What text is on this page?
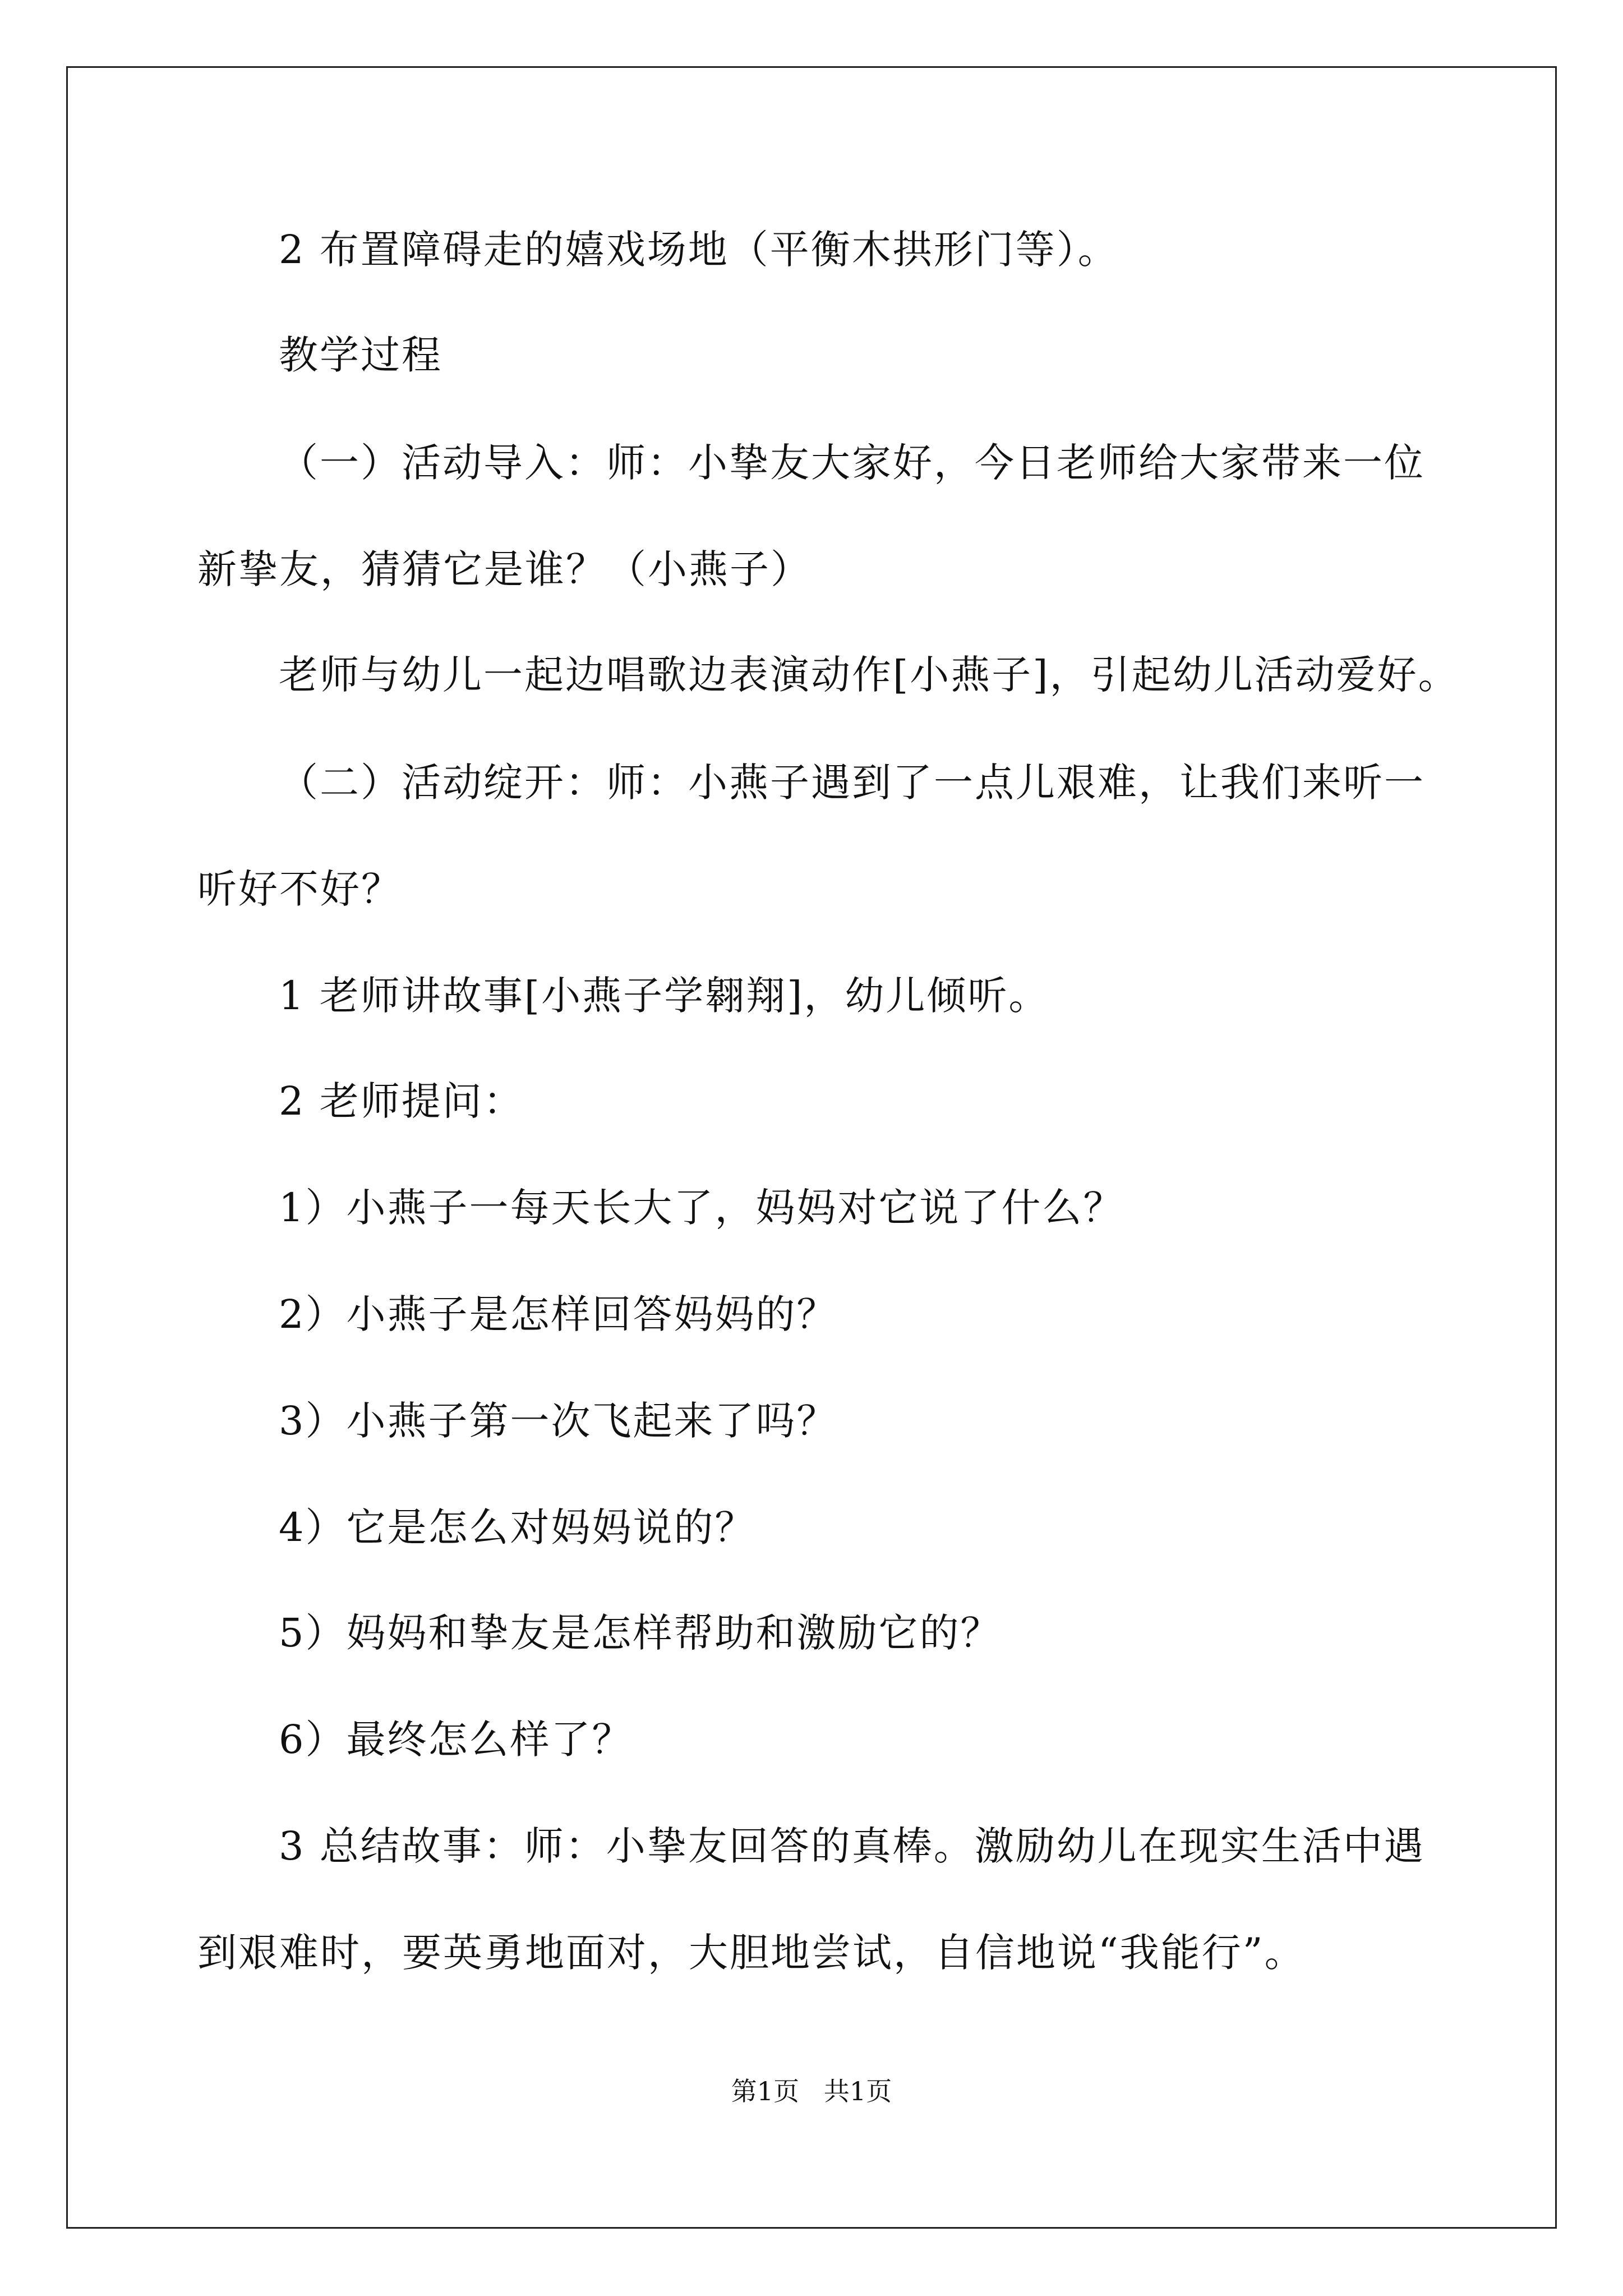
2 布置障碍走的嬉戏场地（平衡木拱形门等）。
教学过程
（一）活动导入：师：小挚友大家好，今日老师给大家带来一位
新挚友，猜猜它是谁？（小燕子）
老师与幼儿一起边唱歌边表演动作[小燕子]，引起幼儿活动爱好。
（二）活动绽开：师：小燕子遇到了一点儿艰难，让我们来听一
听好不好？
1 老师讲故事[小燕子学翱翔]，幼儿倾听。
2 老师提问：
1）小燕子一每天长大了，妈妈对它说了什么？
2）小燕子是怎样回答妈妈的？
3）小燕子第一次飞起来了吗？
4）它是怎么对妈妈说的？
5）妈妈和挚友是怎样帮助和激励它的？
6）最终怎么样了？
3 总结故事：师：小挚友回答的真棒。激励幼儿在现实生活中遇
到艰难时，要英勇地面对，大胆地尝试，自信地说“我能行”。
第1页   共1页
